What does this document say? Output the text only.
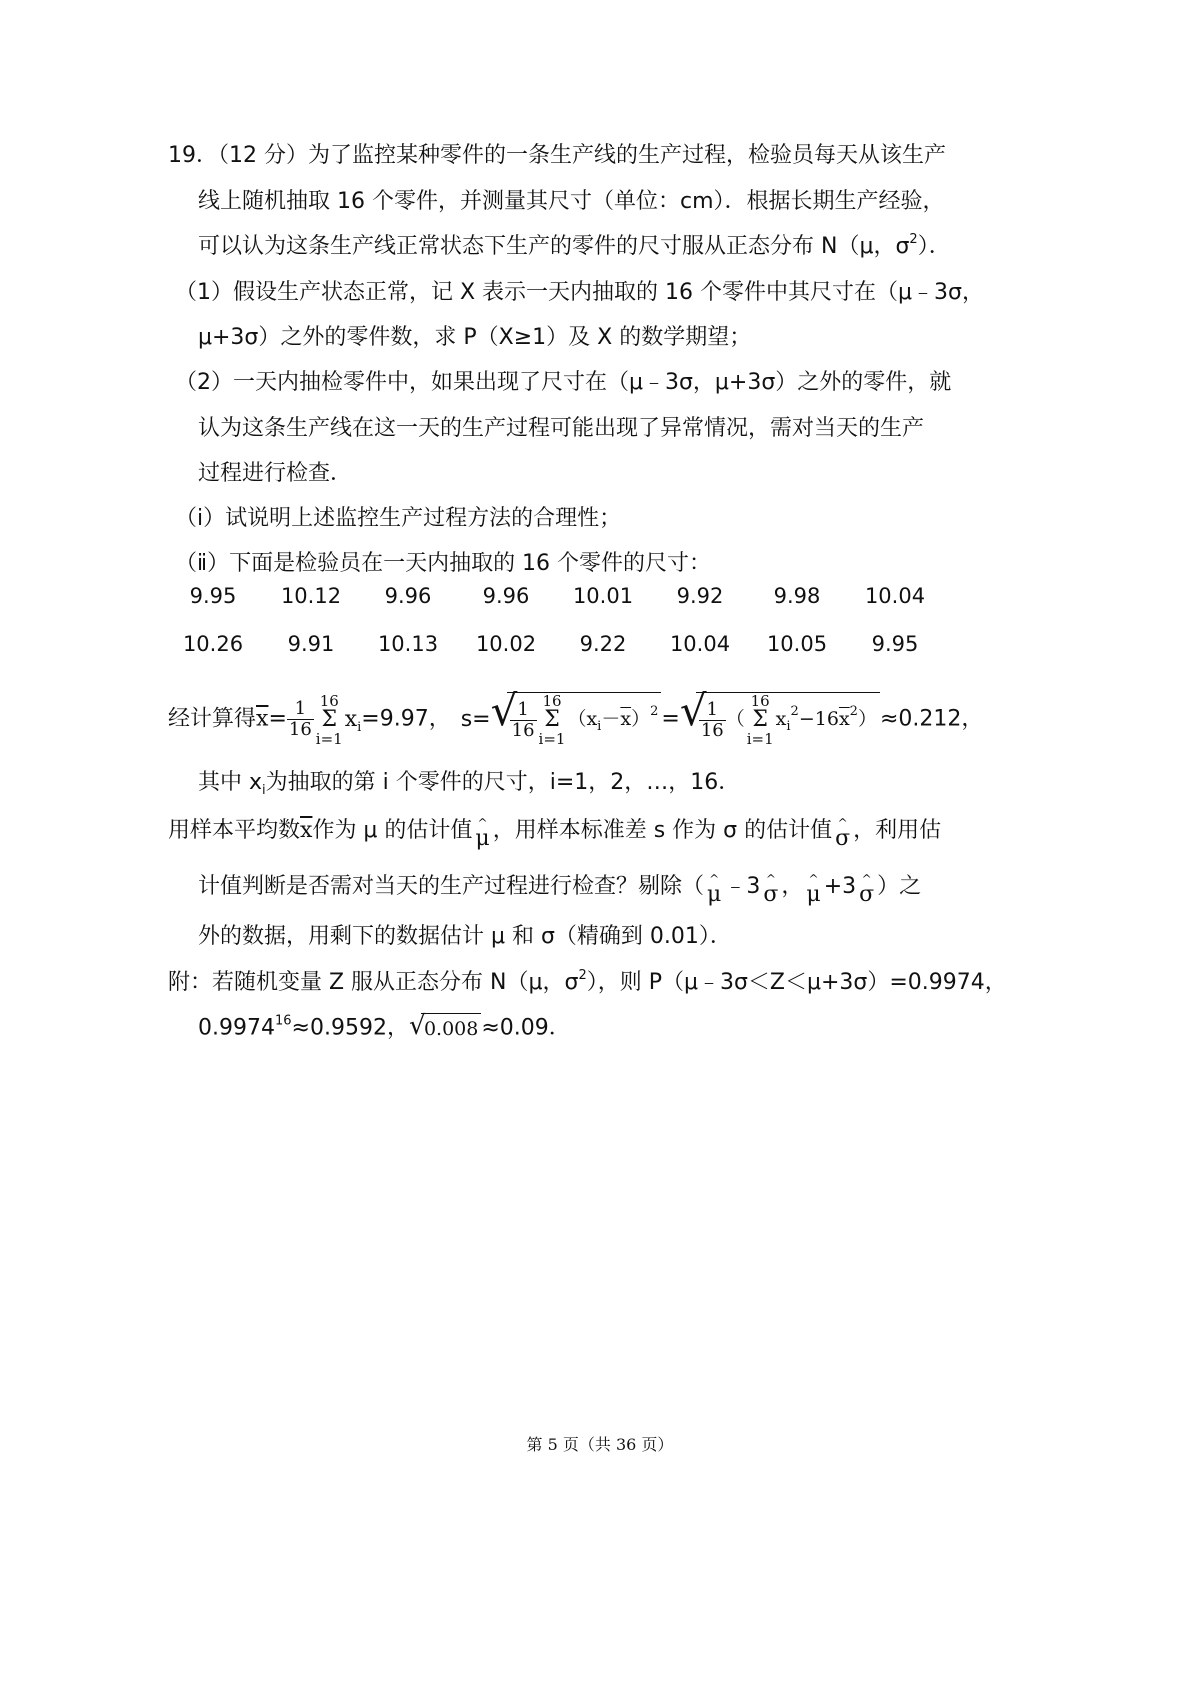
19．（12 分）为了监控某种零件的一条生产线的生产过程，检验员每天从该生产
线上随机抽取 16 个零件，并测量其尺寸（单位：cm）．根据长期生产经验，
可以认为这条生产线正常状态下生产的零件的尺寸服从正态分布 N（μ，$\sigma^2$）．
（1）假设生产状态正常，记 X 表示一天内抽取的 16 个零件中其尺寸在（μ﹣3σ，
μ+3σ）之外的零件数，求 P（X≥1）及 X 的数学期望；
（2）一天内抽检零件中，如果出现了尺寸在（μ﹣3σ，μ+3σ）之外的零件，就
认为这条生产线在这一天的生产过程可能出现了异常情况，需对当天的生产
过程进行检查．
（ⅰ）试说明上述监控生产过程方法的合理性；
（ⅱ）下面是检验员在一天内抽取的 16 个零件的尺寸：
9.95	10.12	9.96	9.96	10.01	9.92	9.98	10.04
10.26	9.91	10.13	10.02	9.22	10.04	10.05	9.95
经计算得$\overline{x}= \frac{1}{16} 16$
Σ
$i=1x_i=9.97$， s= √
$\frac{1}{16} 16$
Σ
$i=1(x_i-\overline{x})^2$ = √
$\frac{1}{16} (16$
Σ
$i=1x_i^2-16\overline{x}^2) \approx 0.212$，
其中 $x_i$为抽取的第 i 个零件的尺寸，i=1，2，…，16．
用样本平均数$\overline{x}$作为 μ 的估计值 ^
μ ，用样本标准差 s 作为 σ 的估计值 ^
σ ，利用估
计值判断是否需对当天的生产过程进行检查？剔除（ ^
μ ﹣3 ^
σ ， ^
μ +3 ^
σ ）之
外的数据，用剩下的数据估计 μ 和 σ（精确到 0.01）．
附：若随机变量 Z 服从正态分布 N（μ，$\sigma^2$），则 P（μ﹣3σ＜Z＜μ+3σ）=0.9974，
$0.9974^{16}\approx 0.9592$， √
0.008 ≈0.09．
第 5 页（共 36 页）
